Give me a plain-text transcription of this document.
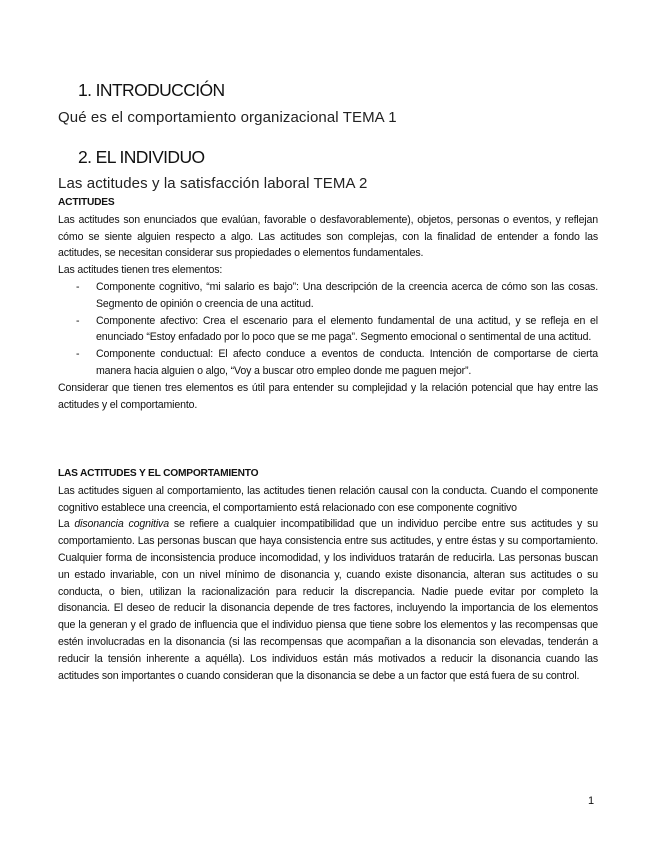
1. INTRODUCCIÓN

Qué es el comportamiento organizacional TEMA 1

2. EL INDIVIDUO

Las actitudes y la satisfacción laboral TEMA 2

ACTITUDES

Las actitudes son enunciados que evalúan, favorable o desfavorablemente), objetos, personas o eventos, y reflejan cómo se siente alguien respecto a algo. Las actitudes son complejas, con la finalidad de entender a fondo las actitudes, se necesitan considerar sus propiedades o elementos fundamentales.

Las actitudes tienen tres elementos:

- Componente cognitivo, “mi salario es bajo”: Una descripción de la creencia acerca de cómo son las cosas. Segmento de opinión o creencia de una actitud.
- Componente afectivo: Crea el escenario para el elemento fundamental de una actitud, y se refleja en el enunciado “Estoy enfadado por lo poco que se me paga”. Segmento emocional o sentimental de una actitud.
- Componente conductual: El afecto conduce a eventos de conducta. Intención de comportarse de cierta manera hacia alguien o algo, “Voy a buscar otro empleo donde me paguen mejor”.

Considerar que tienen tres elementos es útil para entender su complejidad y la relación potencial que hay entre las actitudes y el comportamiento.

LAS ACTITUDES Y EL COMPORTAMIENTO

Las actitudes siguen al comportamiento, las actitudes tienen relación causal con la conducta. Cuando el componente cognitivo establece una creencia, el comportamiento está relacionado con ese componente cognitivo

La disonancia cognitiva se refiere a cualquier incompatibilidad que un individuo percibe entre sus actitudes y su comportamiento. Las personas buscan que haya consistencia entre sus actitudes, y entre éstas y su comportamiento. Cualquier forma de inconsistencia produce incomodidad, y los individuos tratarán de reducirla. Las personas buscan un estado invariable, con un nivel mínimo de disonancia y, cuando existe disonancia, alteran sus actitudes o su conducta, o bien, utilizan la racionalización para reducir la discrepancia. Nadie puede evitar por completo la disonancia. El deseo de reducir la disonancia depende de tres factores, incluyendo la importancia de los elementos que la generan y el grado de influencia que el individuo piensa que tiene sobre los elementos y las recompensas que estén involucradas en la disonancia (si las recompensas que acompañan a la disonancia son elevadas, tenderán a reducir la tensión inherente a aquélla). Los individuos están más motivados a reducir la disonancia cuando las actitudes son importantes o cuando consideran que la disonancia se debe a un factor que está fuera de su control.

1
